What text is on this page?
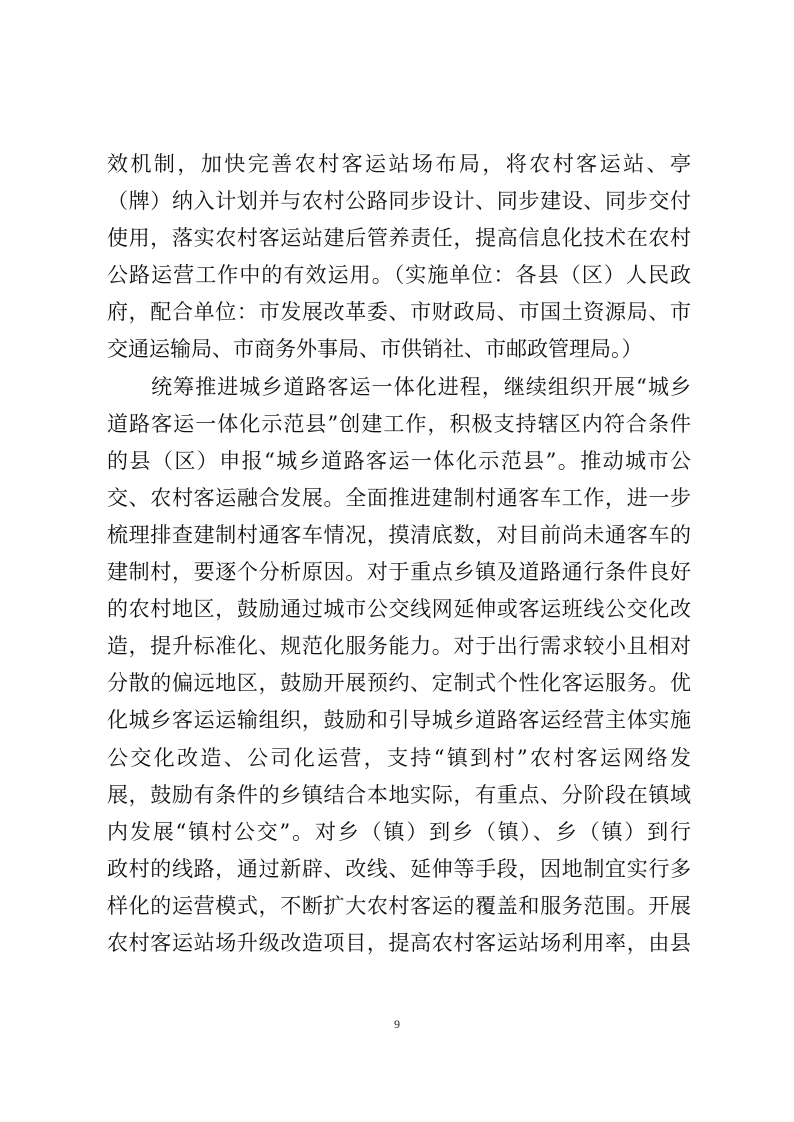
效机制，加快完善农村客运站场布局，将农村客运站、亭
（牌）纳入计划并与农村公路同步设计、同步建设、同步交付
使用，落实农村客运站建后管养责任，提高信息化技术在农村
公路运营工作中的有效运用。（实施单位：各县（区）人民政
府，配合单位：市发展改革委、市财政局、市国土资源局、市
交通运输局、市商务外事局、市供销社、市邮政管理局。）
　　统筹推进城乡道路客运一体化进程，继续组织开展“城乡
道路客运一体化示范县”创建工作，积极支持辖区内符合条件
的县（区）申报“城乡道路客运一体化示范县”。推动城市公
交、农村客运融合发展。全面推进建制村通客车工作，进一步
梳理排查建制村通客车情况，摸清底数，对目前尚未通客车的
建制村，要逐个分析原因。对于重点乡镇及道路通行条件良好
的农村地区，鼓励通过城市公交线网延伸或客运班线公交化改
造，提升标准化、规范化服务能力。对于出行需求较小且相对
分散的偏远地区，鼓励开展预约、定制式个性化客运服务。优
化城乡客运运输组织，鼓励和引导城乡道路客运经营主体实施
公交化改造、公司化运营，支持“镇到村”农村客运网络发
展，鼓励有条件的乡镇结合本地实际，有重点、分阶段在镇域
内发展“镇村公交”。对乡（镇）到乡（镇）、乡（镇）到行
政村的线路，通过新辟、改线、延伸等手段，因地制宜实行多
样化的运营模式，不断扩大农村客运的覆盖和服务范围。开展
农村客运站场升级改造项目，提高农村客运站场利用率，由县
9
